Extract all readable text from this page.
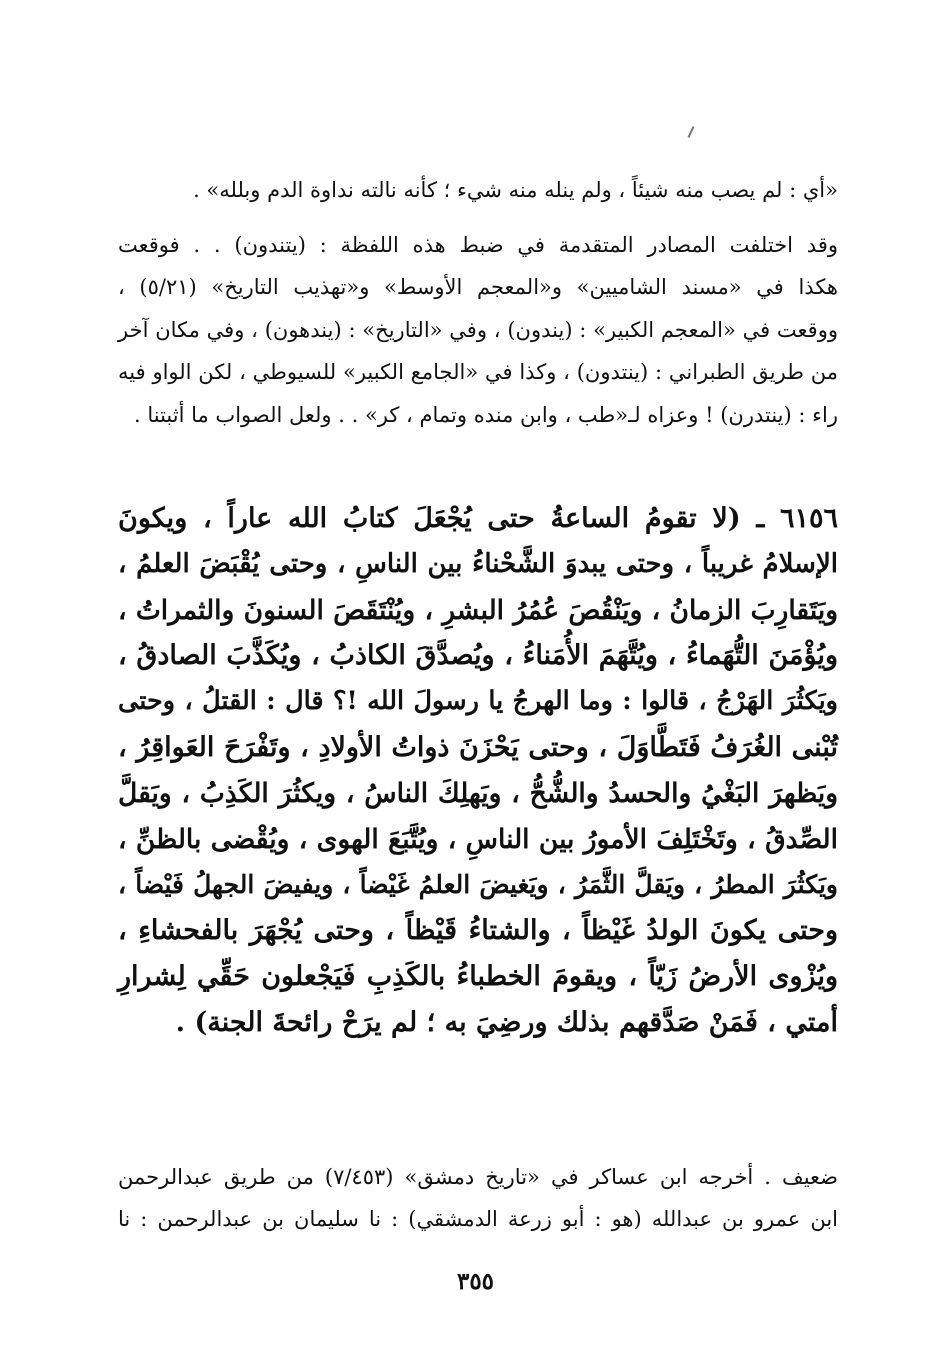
«أي : لم يصب منه شيئاً ، ولم ينله منه شيء ؛ كأنه نالته نداوة الدم وبلله» .
وقد اختلفت المصادر المتقدمة في ضبط هذه اللفظة : (يتندون) . . فوقعت
هكذا في «مسند الشاميين» و«المعجم الأوسط» و«تهذيب التاريخ» (٥/٢١) ،
ووقعت في «المعجم الكبير» : (يندون) ، وفي «التاريخ» : (يندهون) ، وفي مكان آخر
من طريق الطبراني : (ينتدون) ، وكذا في «الجامع الكبير» للسيوطي ، لكن الواو فيه
راء : (ينتدرن) ! وعزاه لـ«طب ، وابن منده وتمام ، كر» . . ولعل الصواب ما أثبتنا .
٦١٥٦ ـ (لا تقومُ الساعةُ حتى يُجْعَلَ كتابُ الله عاراً ، ويكونَ
الإسلامُ غريباً ، وحتى يبدوَ الشَّحْناءُ بين الناسِ ، وحتى يُقْبَضَ العلمُ ،
ويَتَقارِبَ الزمانُ ، ويَنْقُصَ عُمُرُ البشرِ ، ويُنْتَقَصَ السنونَ والثمراتُ ،
ويُؤْمَنَ التُّهَماءُ ، ويُتَّهَمَ الأُمَناءُ ، ويُصدَّقَ الكاذبُ ، ويُكَذَّبَ الصادقُ ،
ويَكثُرَ الهَرْجُ ، قالوا : وما الهرجُ يا رسولَ الله !؟ قال : القتلُ ، وحتى
تُبْنى الغُرَفُ فَتَطَّاوَلَ ، وحتى يَحْزَنَ ذواتُ الأولادِ ، وتَفْرَحَ العَواقِرُ ،
ويَظهرَ البَغْيُ والحسدُ والشُّحُّ ، ويَهلِكَ الناسُ ، ويكثُرَ الكَذِبُ ، ويَقلَّ
الصِّدقُ ، وتَخْتَلِفَ الأمورُ بين الناسِ ، ويُتَّبَعَ الهوى ، ويُقْضى بالظنِّ ،
ويَكثُرَ المطرُ ، ويَقلَّ الثَّمَرُ ، ويَغيضَ العلمُ غَيْضاً ، ويفيضَ الجهلُ فَيْضاً ،
وحتى يكونَ الولدُ غَيْظاً ، والشتاءُ قَيْظاً ، وحتى يُجْهَرَ بالفحشاءِ ،
ويُزْوى الأرضُ زَيّاً ، ويقومَ الخطباءُ بالكَذِبِ فَيَجْعلون حَقِّي لِشرارِ
أمتي ، فَمَنْ صَدَّقهم بذلك ورضِيَ به ؛ لم يرَحْ رائحةَ الجنة) .
ضعيف . أخرجه ابن عساكر في «تاريخ دمشق» (٧/٤٥٣) من طريق عبدالرحمن
ابن عمرو بن عبدالله (هو : أبو زرعة الدمشقي) : نا سليمان بن عبدالرحمن : نا
٣٥٥
